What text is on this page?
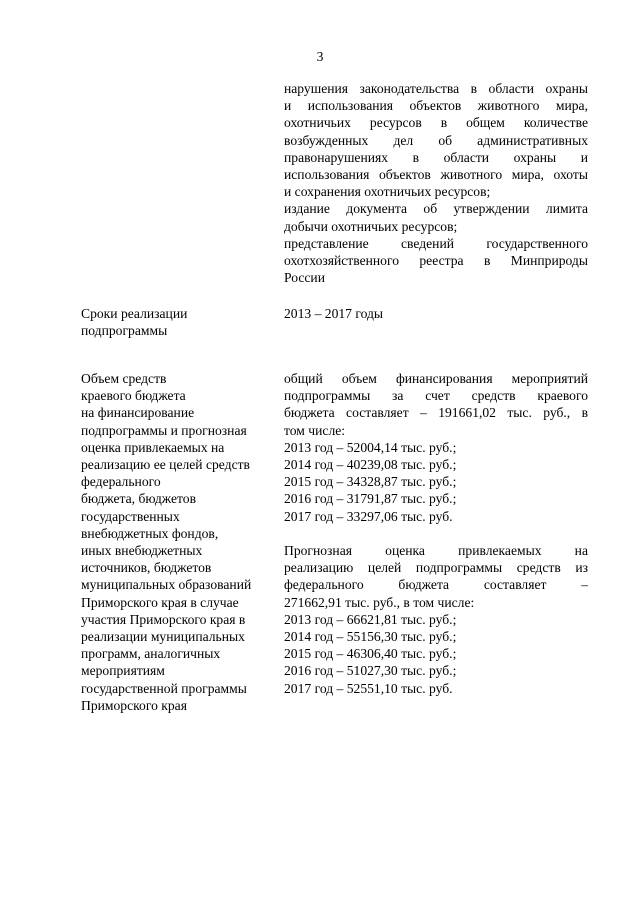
3
нарушения законодательства в области охраны
и использования объектов животного мира,
охотничьих ресурсов в общем количестве
возбужденных дел об административных
правонарушениях в области охраны и
использования объектов животного мира, охоты
и сохранения охотничьих ресурсов;
издание документа об утверждении лимита
добычи охотничьих ресурсов;
представление сведений государственного
охотхозяйственного реестра в Минприроды
России
Сроки реализации
подпрограммы
2013 – 2017 годы
Объем средств
краевого бюджета
на финансирование
подпрограммы и прогнозная
оценка привлекаемых на
реализацию ее целей средств
федерального
бюджета, бюджетов
государственных
внебюджетных фондов,
иных внебюджетных
источников, бюджетов
муниципальных образований
Приморского края в случае
участия Приморского края в
реализации муниципальных
программ, аналогичных
мероприятиям
государственной программы
Приморского края
общий объем финансирования мероприятий
подпрограммы за счет средств краевого
бюджета составляет – 191661,02 тыс. руб., в
том числе:
2013 год – 52004,14 тыс. руб.;
2014 год – 40239,08 тыс. руб.;
2015 год – 34328,87 тыс. руб.;
2016 год – 31791,87 тыс. руб.;
2017 год – 33297,06 тыс. руб.
Прогнозная оценка привлекаемых на
реализацию целей подпрограммы средств из
федерального бюджета составляет –
271662,91 тыс. руб., в том числе:
2013 год – 66621,81 тыс. руб.;
2014 год – 55156,30 тыс. руб.;
2015 год – 46306,40 тыс. руб.;
2016 год – 51027,30 тыс. руб.;
2017 год – 52551,10 тыс. руб.
